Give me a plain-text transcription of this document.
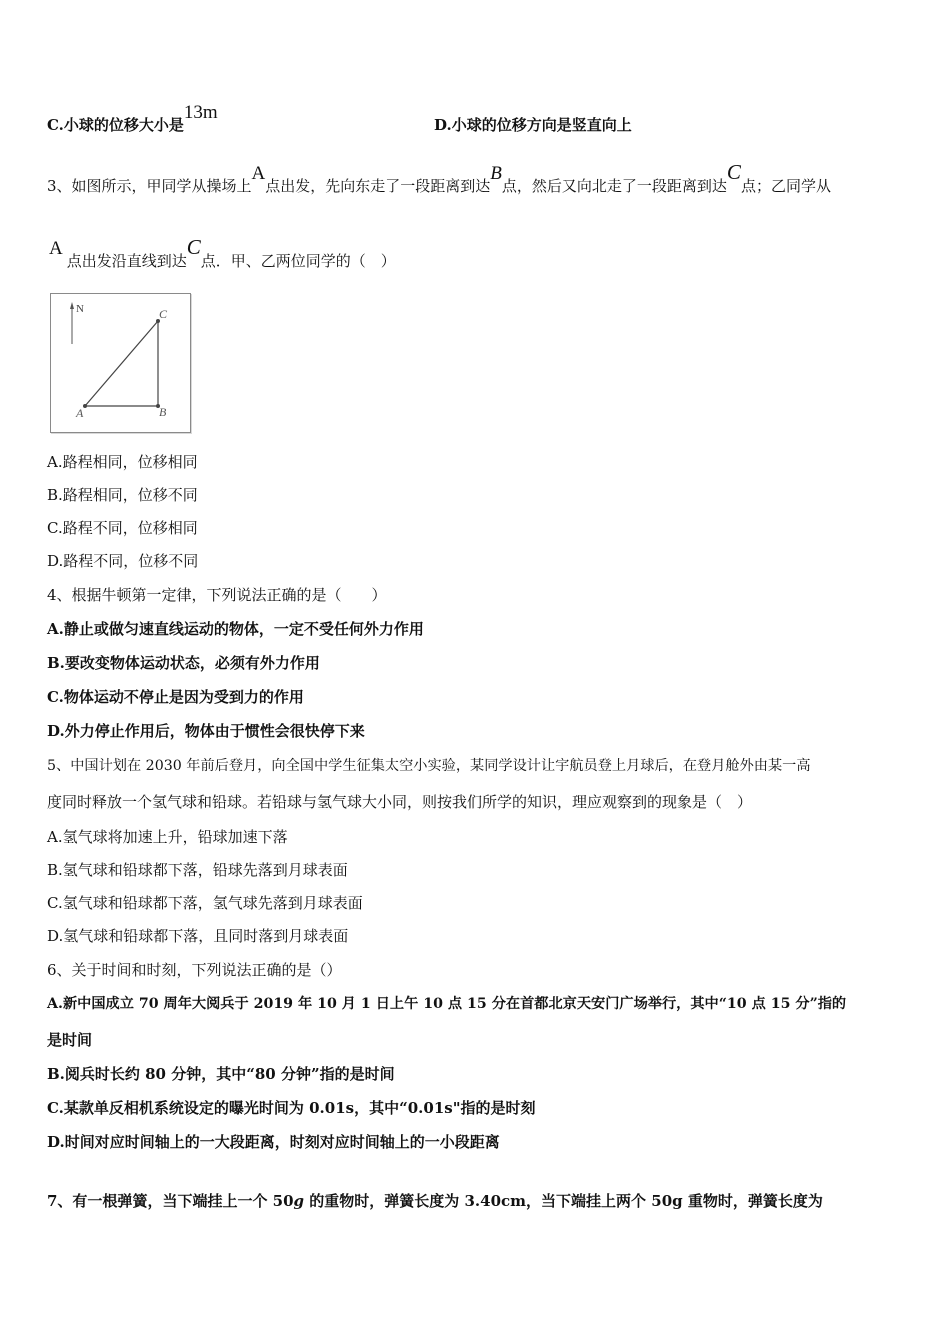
C.小球的位移大小是13m
D.小球的位移方向是竖直向上
3、如图所示，甲同学从操场上A点出发，先向东走了一段距离到达B点，然后又向北走了一段距离到达C点；乙同学从
A点出发沿直线到达C点．甲、乙两位同学的（　）
N
A	B
C
A.路程相同，位移相同
B.路程相同，位移不同
C.路程不同，位移相同
D.路程不同，位移不同
4、根据牛顿第一定律，下列说法正确的是（　　）
A.静止或做匀速直线运动的物体，一定不受任何外力作用
B.要改变物体运动状态，必须有外力作用
C.物体运动不停止是因为受到力的作用
D.外力停止作用后，物体由于惯性会很快停下来
5、中国计划在 2030 年前后登月，向全国中学生征集太空小实验，某同学设计让宇航员登上月球后，在登月舱外由某一高
度同时释放一个氢气球和铅球。若铅球与氢气球大小同，则按我们所学的知识，理应观察到的现象是（　）
A.氢气球将加速上升，铅球加速下落
B.氢气球和铅球都下落，铅球先落到月球表面
C.氢气球和铅球都下落，氢气球先落到月球表面
D.氢气球和铅球都下落，且同时落到月球表面
6、关于时间和时刻，下列说法正确的是（）
A.新中国成立 70 周年大阅兵于 2019 年 10 月 1 日上午 10 点 15 分在首都北京天安门广场举行，其中“10 点 15 分”指的
是时间
B.阅兵时长约 80 分钟，其中“80 分钟”指的是时间
C.某款单反相机系统设定的曝光时间为 0.01s，其中“0.01s"指的是时刻
D.时间对应时间轴上的一大段距离，时刻对应时间轴上的一小段距离
7、有一根弹簧，当下端挂上一个 50g 的重物时，弹簧长度为 3.40cm，当下端挂上两个 50g 重物时，弹簧长度为
